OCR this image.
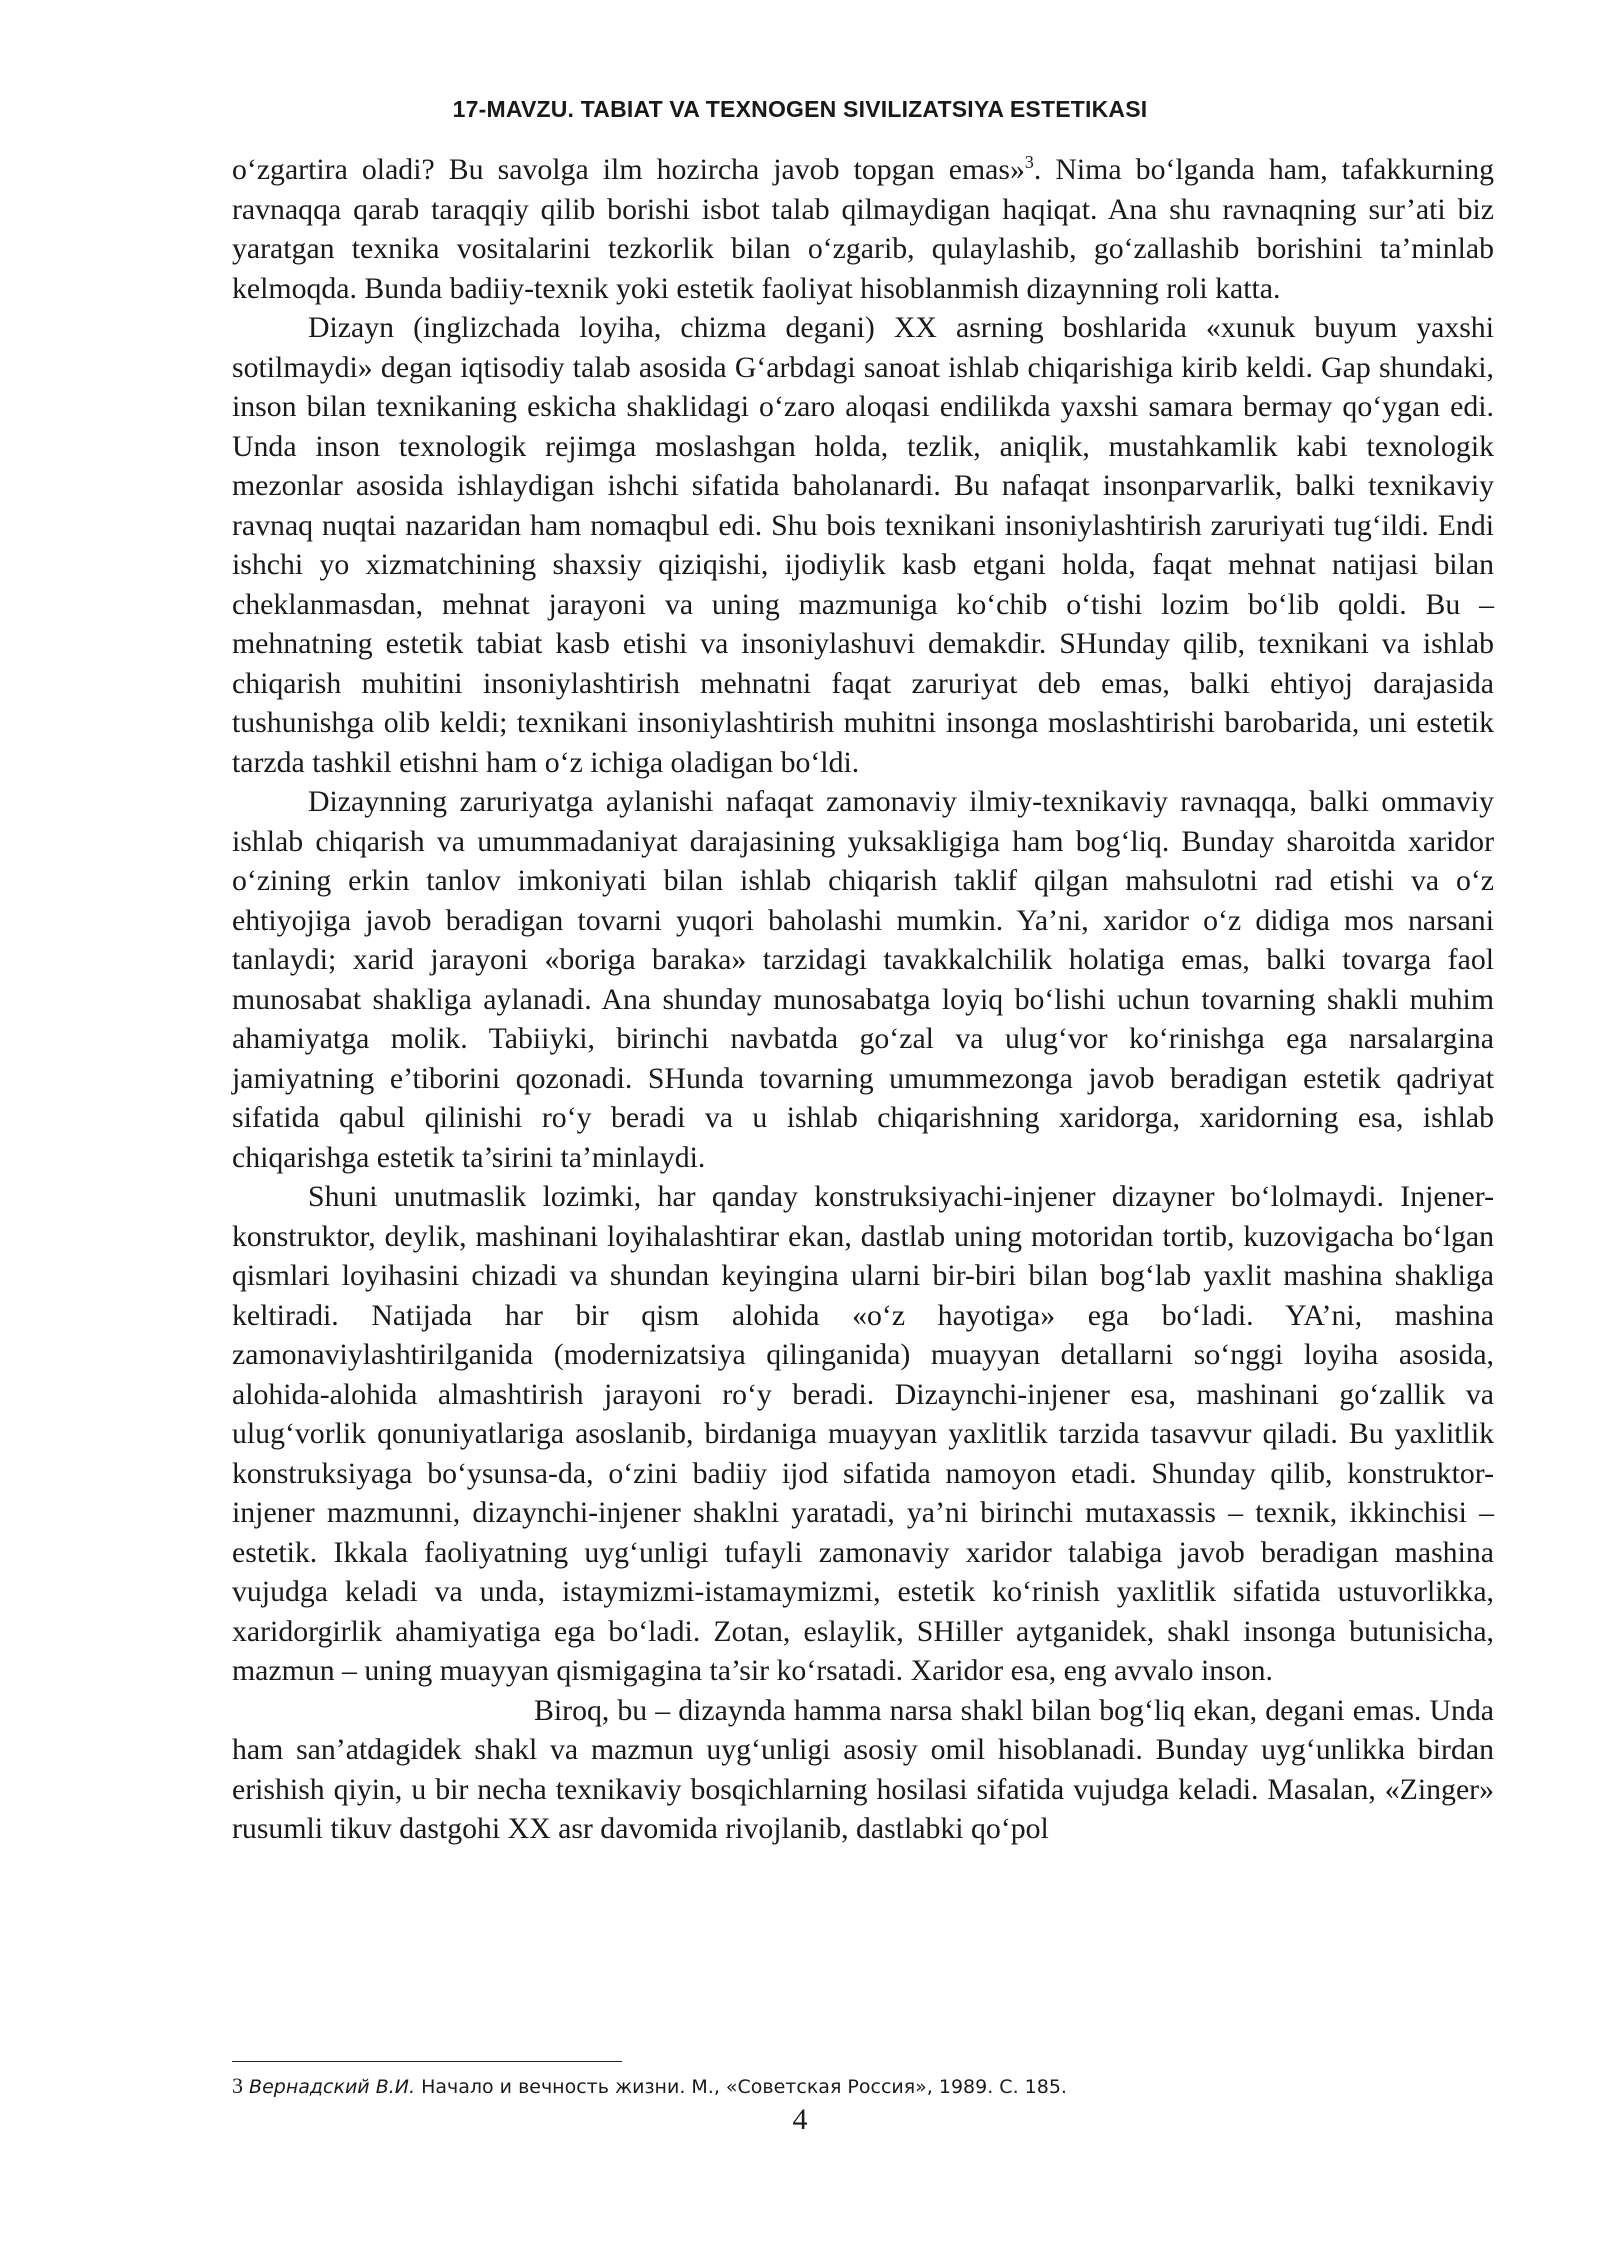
17-MAVZU. TABIAT VA TEXNOGEN SIVILIZATSIYA ESTETIKASI

o‘zgartira oladi? Bu savolga ilm hozircha javob topgan emas»$^3$. Nima bo‘lganda ham, tafakkurning ravnaqqa qarab taraqqiy qilib borishi isbot talab qilmaydigan haqiqat. Ana shu ravnaqning sur’ati biz yaratgan texnika vositalarini tezkorlik bilan o‘zgarib, qulaylashib, go‘zallashib borishini ta’minlab kelmoqda. Bunda badiiy-texnik yoki estetik faoliyat hisoblanmish dizaynning roli katta.

Dizayn (inglizchada loyiha, chizma degani) XX asrning boshlarida «xunuk buyum yaxshi sotilmaydi» degan iqtisodiy talab asosida G‘arbdagi sanoat ishlab chiqarishiga kirib keldi. Gap shundaki, inson bilan texnikaning eskicha shaklidagi o‘zaro aloqasi endilikda yaxshi samara bermay qo‘ygan edi. Unda inson texnologik rejimga moslashgan holda, tezlik, aniqlik, mustahkamlik kabi texnologik mezonlar asosida ishlaydigan ishchi sifatida baholanardi. Bu nafaqat insonparvarlik, balki texnikaviy ravnaq nuqtai nazaridan ham nomaqbul edi. Shu bois texnikani insoniylashtirish zaruriyati tug‘ildi. Endi ishchi yo xizmatchining shaxsiy qiziqishi, ijodiylik kasb etgani holda, faqat mehnat natijasi bilan cheklanmasdan, mehnat jarayoni va uning mazmuniga ko‘chib o‘tishi lozim bo‘lib qoldi. Bu – mehnatning estetik tabiat kasb etishi va insoniylashuvi demakdir. SHunday qilib, texnikani va ishlab chiqarish muhitini insoniylashtirish mehnatni faqat zaruriyat deb emas, balki ehtiyoj darajasida tushunishga olib keldi; texnikani insoniylashtirish muhitni insonga moslashtirishi barobarida, uni estetik tarzda tashkil etishni ham o‘z ichiga oladigan bo‘ldi.

Dizaynning zaruriyatga aylanishi nafaqat zamonaviy ilmiy-texnikaviy ravnaqqa, balki ommaviy ishlab chiqarish va umummadaniyat darajasining yuksakligiga ham bog‘liq. Bunday sharoitda xaridor o‘zining erkin tanlov imkoniyati bilan ishlab chiqarish taklif qilgan mahsulotni rad etishi va o‘z ehtiyojiga javob beradigan tovarni yuqori baholashi mumkin. Ya’ni, xaridor o‘z didiga mos narsani tanlaydi; xarid jarayoni «boriga baraka» tarzidagi tavakkalchilik holatiga emas, balki tovarga faol munosabat shakliga aylanadi. Ana shunday munosabatga loyiq bo‘lishi uchun tovarning shakli muhim ahamiyatga molik. Tabiiyki, birinchi navbatda go‘zal va ulug‘vor ko‘rinishga ega narsalargina jamiyatning e’tiborini qozonadi. SHunda tovarning umummezonga javob beradigan estetik qadriyat sifatida qabul qilinishi ro‘y beradi va u ishlab chiqarishning xaridorga, xaridorning esa, ishlab chiqarishga estetik ta’sirini ta’minlaydi.

Shuni unutmaslik lozimki, har qanday konstruksiyachi-injener dizayner bo‘lolmaydi. Injener-konstruktor, deylik, mashinani loyihalashtirar ekan, dastlab uning motoridan tortib, kuzovigacha bo‘lgan qismlari loyihasini chizadi va shundan keyingina ularni bir-biri bilan bog‘lab yaxlit mashina shakliga keltiradi. Natijada har bir qism alohida «o‘z hayotiga» ega bo‘ladi. YA’ni, mashina zamonaviylashtirilganida (modernizatsiya qilinganida) muayyan detallarni so‘nggi loyiha asosida, alohida-alohida almashtirish jarayoni ro‘y beradi. Dizaynchi-injener esa, mashinani go‘zallik va ulug‘vorlik qonuniyatlariga asoslanib, birdaniga muayyan yaxlitlik tarzida tasavvur qiladi. Bu yaxlitlik konstruksiyaga bo‘ysunsa-da, o‘zini badiiy ijod sifatida namoyon etadi. Shunday qilib, konstruktor-injener mazmunni, dizaynchi-injener shaklni yaratadi, ya’ni birinchi mutaxassis – texnik, ikkinchisi – estetik. Ikkala faoliyatning uyg‘unligi tufayli zamonaviy xaridor talabiga javob beradigan mashina vujudga keladi va unda, istaymizmi-istamaymizmi, estetik ko‘rinish yaxlitlik sifatida ustuvorlikka, xaridorgirlik ahamiyatiga ega bo‘ladi. Zotan, eslaylik, SHiller aytganidek, shakl insonga butunisicha, mazmun – uning muayyan qismigagina ta’sir ko‘rsatadi. Xaridor esa, eng avvalo inson.

Biroq, bu – dizaynda hamma narsa shakl bilan bog‘liq ekan, degani emas. Unda ham san’atdagidek shakl va mazmun uyg‘unligi asosiy omil hisoblanadi. Bunday uyg‘unlikka birdan erishish qiyin, u bir necha texnikaviy bosqichlarning hosilasi sifatida vujudga keladi. Masalan, «Zinger» rusumli tikuv dastgohi XX asr davomida rivojlanib, dastlabki qo‘pol

3 Вернадский В.И. Начало и вечность жизни. М., «Советская Россия», 1989. С. 185.
4
